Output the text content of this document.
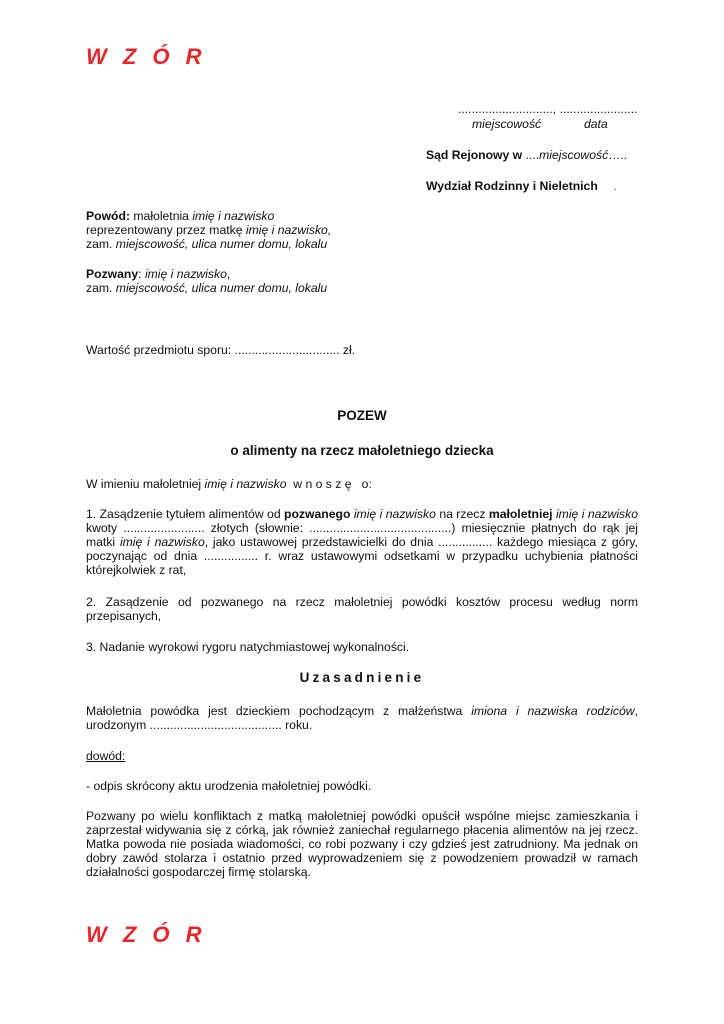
W Z Ó R
............................, .......................
miejscowość	data
Sąd Rejonowy w ....miejscowość…..
Wydział Rodzinny i Nieletnich .

Powód: małoletnia imię i nazwisko

reprezentowany przez matkę imię i nazwisko,

zam. miejscowość, ulica numer domu, lokalu

Pozwany: imię i nazwisko,

zam. miejscowość, ulica numer domu, lokalu

Wartość przedmiotu sporu: ............................... zł.
POZEW
o alimenty na rzecz małoletniego dziecka
W imieniu małoletniej imię i nazwisko  w n o s z ę   o:
1. Zasądzenie tytułem alimentów od pozwanego imię i nazwisko na rzecz małoletniej imię i nazwisko kwoty ........................ złotych (słownie: ..........................................) miesięcznie płatnych do rąk jej matki imię i nazwisko, jako ustawowej przedstawicielki do dnia ................ każdego miesiąca z góry, poczynając od dnia ................ r. wraz ustawowymi odsetkami w przypadku uchybienia płatności którejkolwiek z rat,
2. Zasądzenie od pozwanego na rzecz małoletniej powódki kosztów procesu według norm przepisanych,
3. Nadanie wyrokowi rygoru natychmiastowej wykonalności.
Uzasadnienie
Małoletnia powódka jest dzieckiem pochodzącym z małżeństwa imiona i nazwiska rodziców, urodzonym ....................................... roku.
dowód:
- odpis skrócony aktu urodzenia małoletniej powódki.
Pozwany po wielu konfliktach z matką małoletniej powódki opuścił wspólne miejsc zamieszkania i zaprzestał widywania się z córką, jak również zaniechał regularnego płacenia alimentów na jej rzecz. Matka powoda nie posiada wiadomości, co robi pozwany i czy gdzieś jest zatrudniony. Ma jednak on dobry zawód stolarza i ostatnio przed wyprowadzeniem się z powodzeniem prowadził w ramach działalności gospodarczej firmę stolarską.
W Z Ó R
